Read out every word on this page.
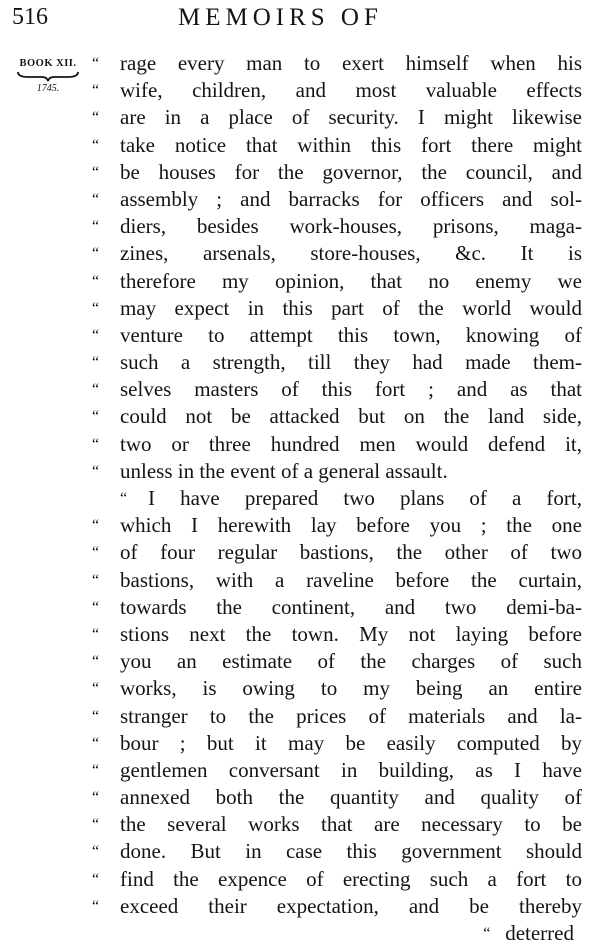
516	MEMOIRS OF
BOOK XII.
1745.
“ rage every man to exert himself when his
“ wife, children, and most valuable effects
“ are in a place of security. I might likewise
“ take notice that within this fort there might
“ be houses for the governor, the council, and
“ assembly ; and barracks for officers and sol-
“ diers, besides work-houses, prisons, maga-
“ zines, arsenals, store-houses, &c. It is
“ therefore my opinion, that no enemy we
“ may expect in this part of the world would
“ venture to attempt this town, knowing of
“ such a strength, till they had made them-
“ selves masters of this fort ; and as that
“ could not be attacked but on the land side,
“ two or three hundred men would defend it,
“ unless in the event of a general assault.
“ I have prepared two plans of a fort,
“ which I herewith lay before you ; the one
“ of four regular bastions, the other of two
“ bastions, with a raveline before the curtain,
“ towards the continent, and two demi-ba-
“ stions next the town. My not laying before
“ you an estimate of the charges of such
“ works, is owing to my being an entire
“ stranger to the prices of materials and la-
“ bour ; but it may be easily computed by
“ gentlemen conversant in building, as I have
“ annexed both the quantity and quality of
“ the several works that are necessary to be
“ done. But in case this government should
“ find the expence of erecting such a fort to
“ exceed their expectation, and be thereby
“ deterred
